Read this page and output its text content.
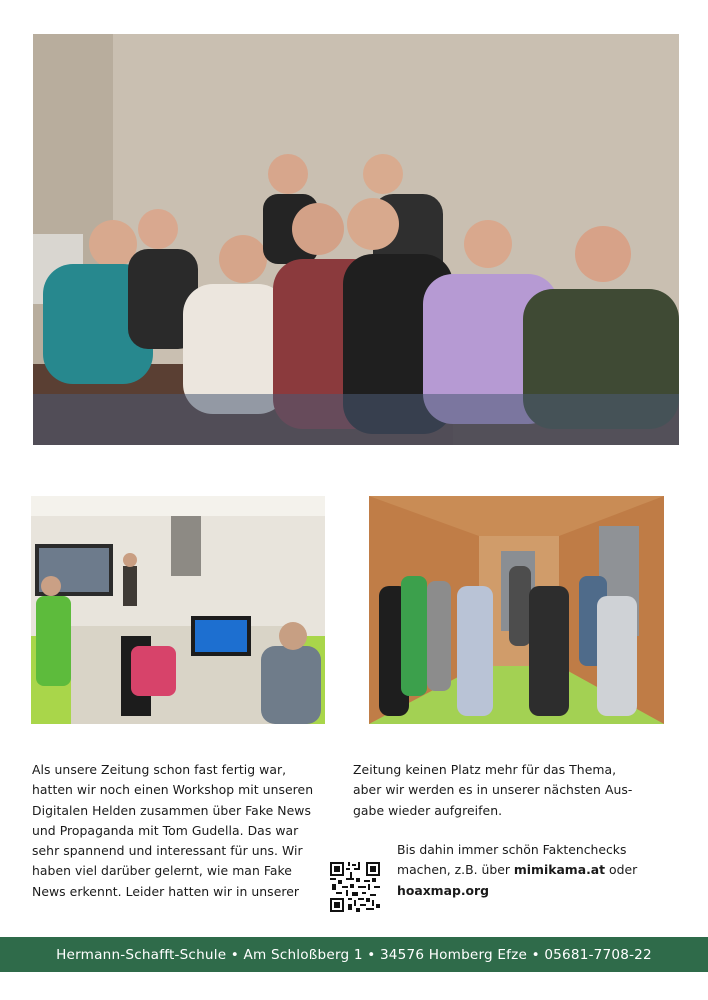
Als unsere Zeitung schon fast fertig war,
hatten wir noch einen Workshop mit unseren
Digitalen Helden zusammen über Fake News
und Propaganda mit Tom Gudella. Das war
sehr spannend und interessant für uns. Wir
haben viel darüber gelernt, wie man Fake
News erkennt. Leider hatten wir in unserer

Zeitung keinen Platz mehr für das Thema,
aber wir werden es in unserer nächsten Aus-
gabe wieder aufgreifen.

Bis dahin immer schön Faktenchecks
machen, z.B. über mimikama.at oder
hoaxmap.org
Hermann-Schafft-Schule • Am Schloßberg 1 • 34576 Homberg Efze • 05681-7708-22
